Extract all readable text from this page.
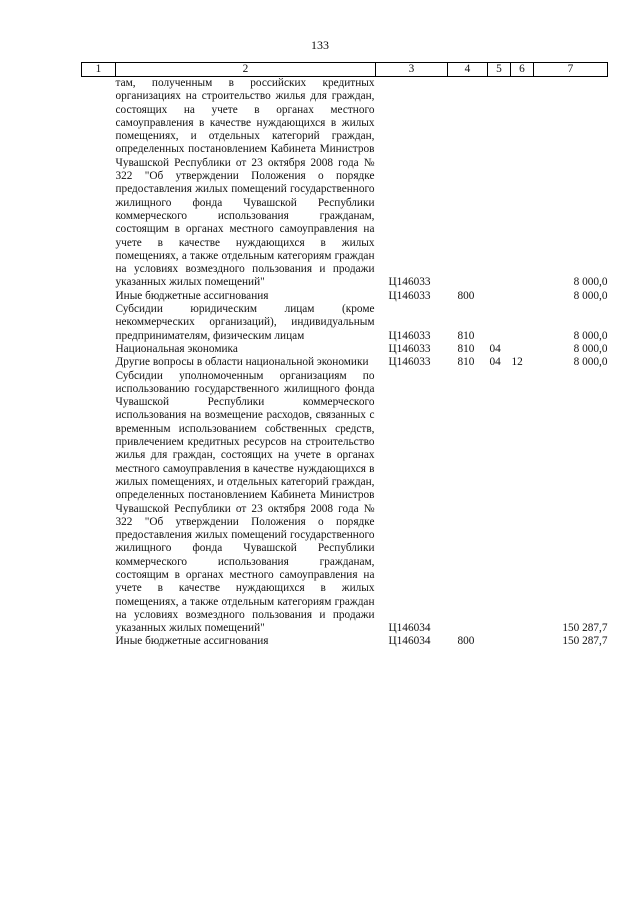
133
1	2	3	4	5	6	7
	там, полученным в российских кредитных организациях на строительство жилья для граждан, состоящих на учете в органах местного самоуправления в качестве нуждающихся в жилых помещениях, и отдельных категорий граждан, определенных постановлением Кабинета Министров Чувашской Республики от 23 октября 2008 года № 322 "Об утверждении Положения о порядке предоставления жилых помещений государственного жилищного фонда Чувашской Республики коммерческого использования гражданам, состоящим в органах местного самоуправления на учете в качестве нуждающихся в жилых помещениях, а также отдельным категориям граждан на условиях возмездного пользования и продажи указанных жилых помещений"	Ц146033				8 000,0
	Иные бюджетные ассигнования	Ц146033	800			8 000,0
	Субсидии юридическим лицам (кроме некоммерческих организаций), индивидуальным предпринимателям, физическим лицам	Ц146033	810			8 000,0
	Национальная экономика	Ц146033	810	04		8 000,0
	Другие вопросы в области национальной экономики	Ц146033	810	04	12	8 000,0
	Субсидии уполномоченным организациям по использованию государственного жилищного фонда Чувашской Республики коммерческого использования на возмещение расходов, связанных с временным использованием собственных средств, привлечением кредитных ресурсов на строительство жилья для граждан, состоящих на учете в органах местного самоуправления в качестве нуждающихся в жилых помещениях, и отдельных категорий граждан, определенных постановлением Кабинета Министров Чувашской Республики от 23 октября 2008 года № 322 "Об утверждении Положения о порядке предоставления жилых помещений государственного жилищного фонда Чувашской Республики коммерческого использования гражданам, состоящим в органах местного самоуправления на учете в качестве нуждающихся в жилых помещениях, а также отдельным категориям граждан на условиях возмездного пользования и продажи указанных жилых помещений"	Ц146034				150 287,7
	Иные бюджетные ассигнования	Ц146034	800			150 287,7
